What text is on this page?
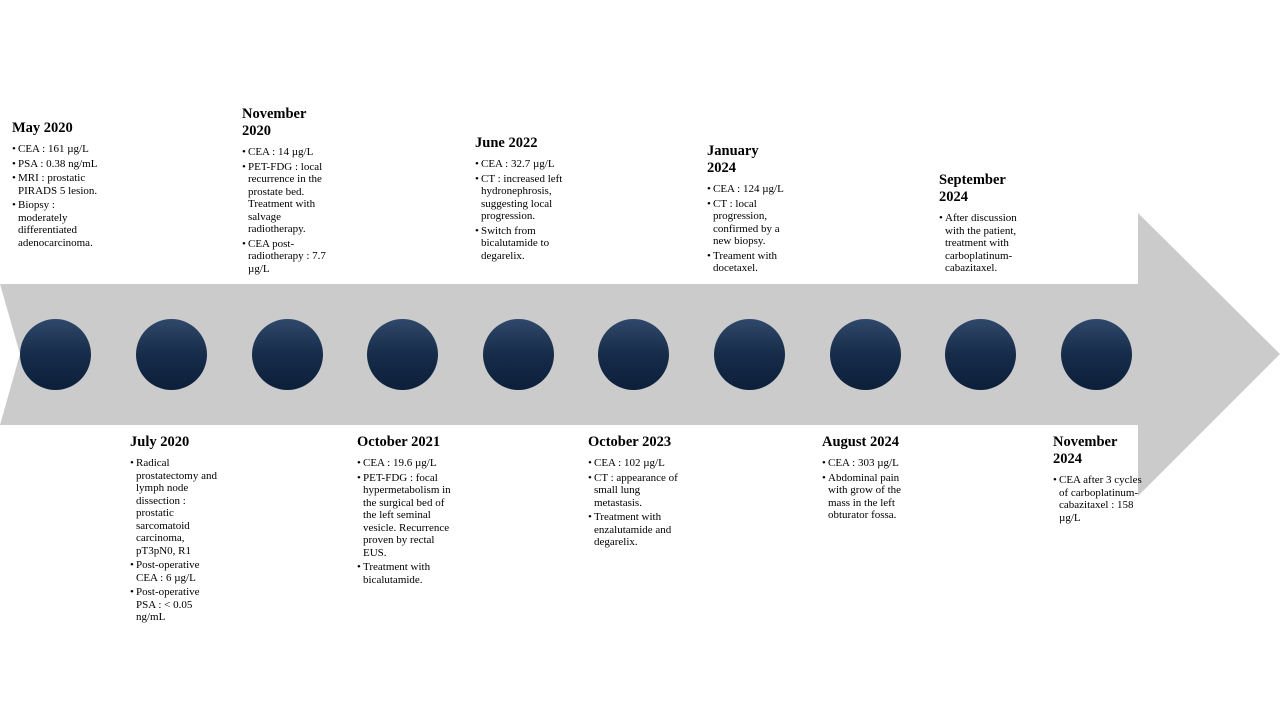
May 2020
• CEA : 161 µg/L
• PSA : 0.38 ng/mL
• MRI : prostatic PIRADS 5 lesion.
• Biopsy : moderately differentiated adenocarcinoma.
July 2020
• Radical prostatectomy and lymph node dissection : prostatic sarcomatoid carcinoma, pT3pN0, R1
• Post-operative CEA : 6 µg/L
• Post-operative PSA : < 0.05 ng/mL
November 2020
• CEA : 14 µg/L
• PET-FDG : local recurrence in the prostate bed. Treatment with salvage radiotherapy.
• CEA post-radiotherapy : 7.7 µg/L
October 2021
• CEA : 19.6 µg/L
• PET-FDG : focal hypermetabolism in the surgical bed of the left seminal vesicle. Recurrence proven by rectal EUS.
• Treatment with bicalutamide.
June 2022
• CEA : 32.7 µg/L
• CT : increased left hydronephrosis, suggesting local progression.
• Switch from bicalutamide to degarelix.
October 2023
• CEA : 102 µg/L
• CT : appearance of small lung metastasis.
• Treatment with enzalutamide and degarelix.
January 2024
• CEA : 124 µg/L
• CT : local progression, confirmed by a new biopsy.
• Treament with docetaxel.
August 2024
• CEA : 303 µg/L
• Abdominal pain with grow of the mass in the left obturator fossa.
September 2024
• After discussion with the patient, treatment with carboplatinum-cabazitaxel.
November 2024
• CEA after 3 cycles of carboplatinum-cabazitaxel : 158 µg/L
